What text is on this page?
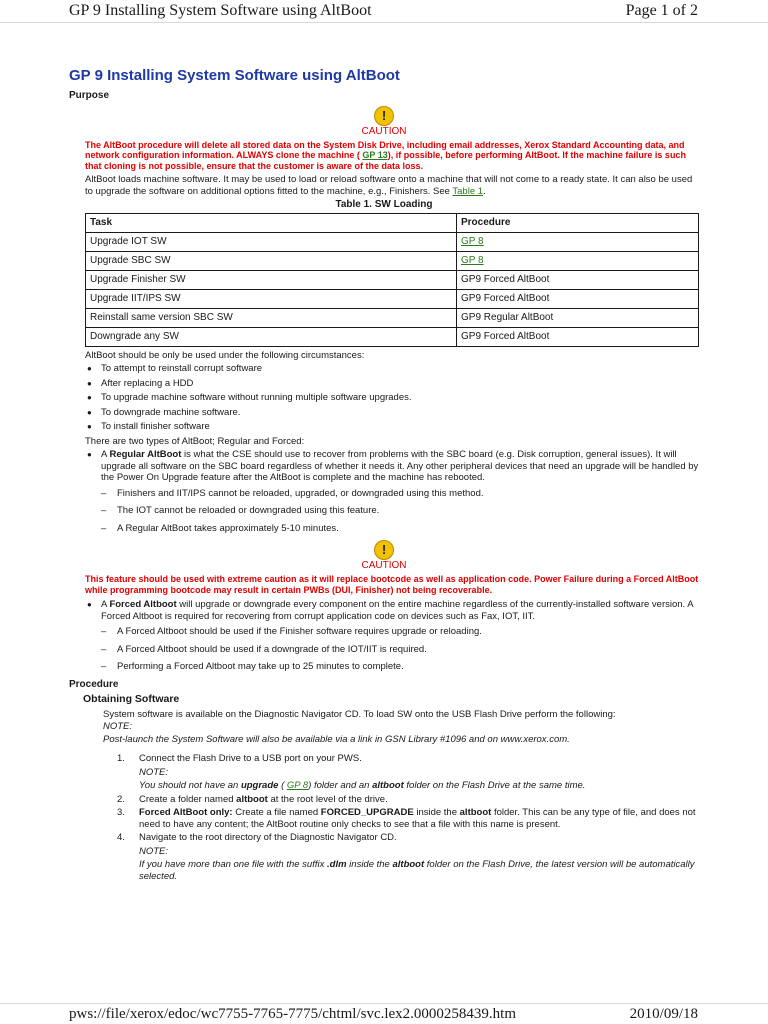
GP 9 Installing System Software using AltBoot	Page 1 of 2
pws://file/xerox/edoc/wc7755-7765-7775/chtml/svc.lex2.0000258439.htm	2010/09/18
GP 9 Installing System Software using AltBoot
Purpose
!
CAUTION
The AltBoot procedure will delete all stored data on the System Disk Drive, including email addresses, Xerox Standard Accounting data, and network configuration information. ALWAYS clone the machine ( GP 13), if possible, before performing AltBoot. If the machine failure is such that cloning is not possible, ensure that the customer is aware of the data loss.
AltBoot loads machine software. It may be used to load or reload software onto a machine that will not come to a ready state. It can also be used to upgrade the software on additional options fitted to the machine, e.g., Finishers. See Table 1.
Table 1. SW Loading
Task	Procedure
Upgrade IOT SW	GP 8
Upgrade SBC SW	GP 8
Upgrade Finisher SW	GP9 Forced AltBoot
Upgrade IIT/IPS SW	GP9 Forced AltBoot
Reinstall same version SBC SW	GP9 Regular AltBoot
Downgrade any SW	GP9 Forced AltBoot
AltBoot should be only be used under the following circumstances:
● To attempt to reinstall corrupt software
● After replacing a HDD
● To upgrade machine software without running multiple software upgrades.
● To downgrade machine software.
● To install finisher software
There are two types of AltBoot; Regular and Forced:
● A Regular AltBoot is what the CSE should use to recover from problems with the SBC board (e.g. Disk corruption, general issues). It will upgrade all software on the SBC board regardless of whether it needs it. Any other peripheral devices that need an upgrade will be handled by the Power On Upgrade feature after the AltBoot is complete and the machine has rebooted.
– Finishers and IIT/IPS cannot be reloaded, upgraded, or downgraded using this method.
– The IOT cannot be reloaded or downgraded using this feature.
– A Regular AltBoot takes approximately 5-10 minutes.
!
CAUTION
This feature should be used with extreme caution as it will replace bootcode as well as application code. Power Failure during a Forced AltBoot while programming bootcode may result in certain PWBs (DUI, Finisher) not being recoverable.
● A Forced Altboot will upgrade or downgrade every component on the entire machine regardless of the currently-installed software version. A Forced Altboot is required for recovering from corrupt application code on devices such as Fax, IOT, IIT.
– A Forced Altboot should be used if the Finisher software requires upgrade or reloading.
– A Forced Altboot should be used if a downgrade of the IOT/IIT is required.
– Performing a Forced Altboot may take up to 25 minutes to complete.
Procedure
Obtaining Software
System software is available on the Diagnostic Navigator CD. To load SW onto the USB Flash Drive perform the following:
NOTE:
Post-launch the System Software will also be available via a link in GSN Library #1096 and on www.xerox.com.
1. Connect the Flash Drive to a USB port on your PWS.
NOTE:
You should not have an upgrade ( GP 8) folder and an altboot folder on the Flash Drive at the same time.
2. Create a folder named altboot at the root level of the drive.
3. Forced AltBoot only: Create a file named FORCED_UPGRADE inside the altboot folder. This can be any type of file, and does not need to have any content; the AltBoot routine only checks to see that a file with this name is present.
4. Navigate to the root directory of the Diagnostic Navigator CD.
NOTE:
If you have more than one file with the suffix .dlm inside the altboot folder on the Flash Drive, the latest version will be automatically selected.
